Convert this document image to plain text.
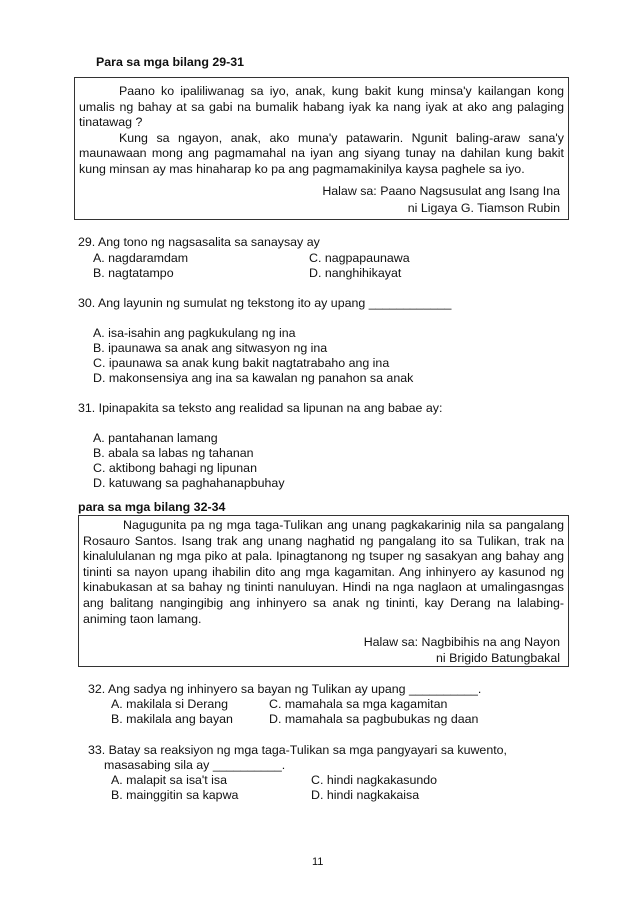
Para sa mga bilang 29-31

Paano ko ipaliliwanag sa iyo, anak, kung bakit kung minsa'y kailangan kong umalis ng bahay at sa gabi na bumalik habang iyak ka nang iyak at ako ang palaging tinatawag ?

Kung sa ngayon, anak, ako muna'y patawarin. Ngunit baling-araw sana'y maunawaan mong ang pagmamahal na iyan ang siyang tunay na dahilan kung bakit kung minsan ay mas hinaharap ko pa ang pagmamakinilya kaysa paghele sa iyo.

Halaw sa: Paano Nagsusulat ang Isang Ina
ni Ligaya G. Tiamson Rubin
29. Ang tono ng nagsasalita sa sanaysay ay
A. nagdaramdam	C. nagpapaunawa
B. nagtatampo	D. nanghihikayat
30. Ang layunin ng sumulat ng tekstong ito ay upang ____________
A. isa-isahin ang pagkukulang ng ina
B. ipaunawa sa anak ang sitwasyon ng ina
C. ipaunawa sa anak kung bakit nagtatrabaho ang ina
D. makonsensiya ang ina sa kawalan ng panahon sa anak
31. Ipinapakita sa teksto ang realidad sa lipunan na ang babae ay:
A. pantahanan lamang
B. abala sa labas ng tahanan
C. aktibong bahagi ng lipunan
D. katuwang sa paghahanapbuhay
para sa mga bilang 32-34

Nagugunita pa ng mga taga-Tulikan ang unang pagkakarinig nila sa pangalang Rosauro Santos. Isang trak ang unang naghatid ng pangalang ito sa Tulikan, trak na kinalululanan ng mga piko at pala. Ipinagtanong ng tsuper ng sasakyan ang bahay ang tininti sa nayon upang ihabilin dito ang mga kagamitan. Ang inhinyero ay kasunod ng kinabukasan at sa bahay ng tininti nanuluyan. Hindi na nga naglaon at umalingasngas ang balitang nangingibig ang inhinyero sa anak ng tininti, kay Derang na lalabing-animing taon lamang.

Halaw sa: Nagbibihis na ang Nayon
ni Brigido Batungbakal
32. Ang sadya ng inhinyero sa bayan ng Tulikan ay upang __________.
A. makilala si Derang	C. mamahala sa mga kagamitan
B. makilala ang bayan	D. mamahala sa pagbubukas ng daan
33. Batay sa reaksiyon ng mga taga-Tulikan sa mga pangyayari sa kuwento,
masasabing sila ay __________.
A. malapit sa isa't isa	C. hindi nagkakasundo
B. mainggitin sa kapwa	D. hindi nagkakaisa
11
